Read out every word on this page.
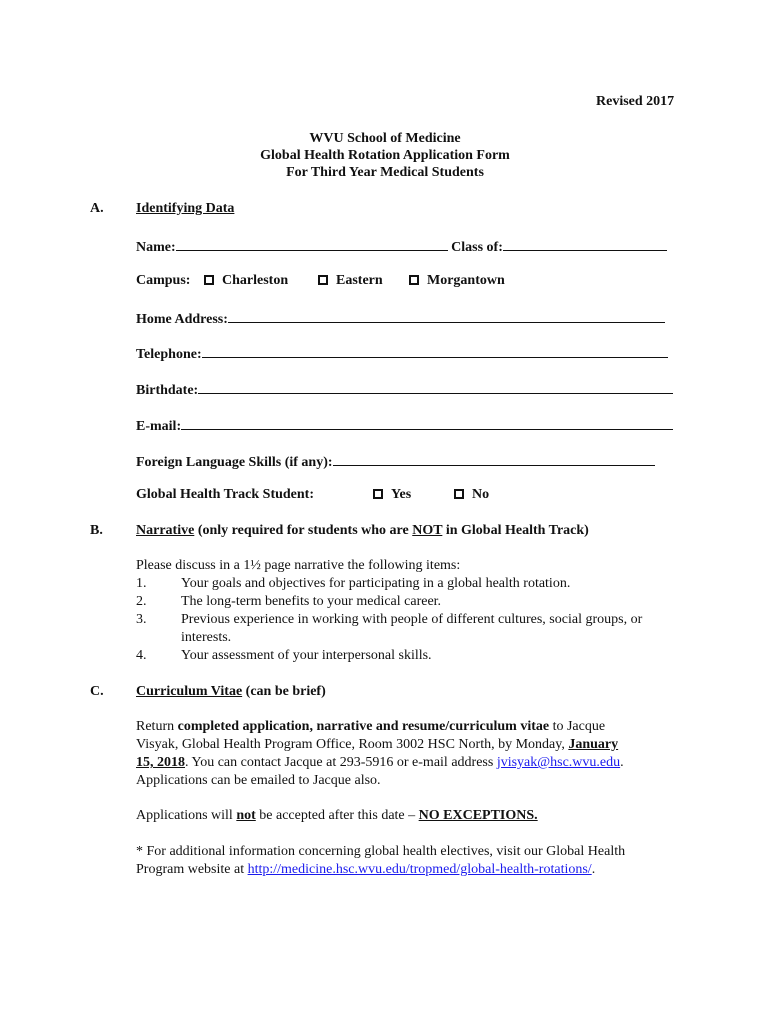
Revised 2017
WVU School of Medicine
Global Health Rotation Application Form
For Third Year Medical Students
A. Identifying Data
Name:	Class of:
Campus:	Charleston	Eastern	Morgantown
Home Address:
Telephone:
Birthdate:
E-mail:
Foreign Language Skills (if any):
Global Health Track Student:	Yes	No
B. Narrative (only required for students who are NOT in Global Health Track)
Please discuss in a 1½ page narrative the following items:
1. Your goals and objectives for participating in a global health rotation.
2. The long-term benefits to your medical career.
3. Previous experience in working with people of different cultures, social groups, or
interests.
4. Your assessment of your interpersonal skills.
C. Curriculum Vitae (can be brief)
Return completed application, narrative and resume/curriculum vitae to Jacque
Visyak, Global Health Program Office, Room 3002 HSC North, by Monday, January
15, 2018. You can contact Jacque at 293-5916 or e-mail address jvisyak@hsc.wvu.edu.
Applications can be emailed to Jacque also.
Applications will not be accepted after this date – NO EXCEPTIONS.
* For additional information concerning global health electives, visit our Global Health
Program website at http://medicine.hsc.wvu.edu/tropmed/global-health-rotations/.
